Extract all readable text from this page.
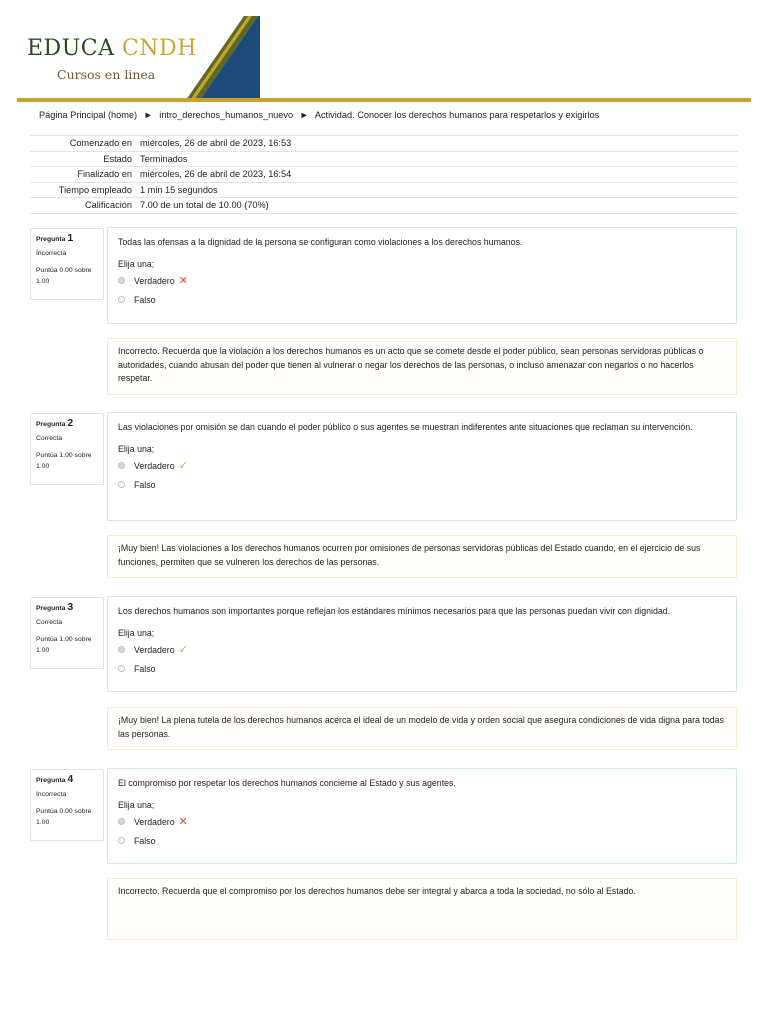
EDUCA CNDH
Cursos en linea
Página Principal (home) ► intro_derechos_humanos_nuevo ► Actividad. Conocer los derechos humanos para respetarlos y exigirlos
Comenzado en	miércoles, 26 de abril de 2023, 16:53
Estado	Terminados
Finalizado en	miércoles, 26 de abril de 2023, 16:54
Tiempo empleado	1 min 15 segundos
Calificación	7.00 de un total de 10.00 (70%)
Pregunta 1
Incorrecta
Puntúa 0.00 sobre 1.00
Todas las ofensas a la dignidad de la persona se configuran como violaciones a los derechos humanos.
Elija una;
Verdadero ✕
Falso
Incorrecto. Recuerda que la violación a los derechos humanos es un acto que se comete desde el poder público, sean personas servidoras públicas o autoridades, cuando abusan del poder que tienen al vulnerar o negar los derechos de las personas, o incluso amenazar con negarlos o no hacerlos respetar.
Pregunta 2
Correcta
Puntúa 1.00 sobre 1.00
Las violaciones por omisión se dan cuando el poder público o sus agentes se muestran indiferentes ante situaciones que reclaman su intervención.
Elija una;
Verdadero ✓
Falso
¡Muy bien! Las violaciones a los derechos humanos ocurren por omisiones de personas servidoras públicas del Estado cuando, en el ejercicio de sus funciones, permiten que se vulneren los derechos de las personas.
Pregunta 3
Correcta
Puntúa 1.00 sobre 1.00
Los derechos humanos son importantes porque reflejan los estándares mínimos necesarios para que las personas puedan vivir con dignidad.
Elija una;
Verdadero ✓
Falso
¡Muy bien! La plena tutela de los derechos humanos acerca el ideal de un modelo de vida y orden social que asegura condiciones de vida digna para todas las personas.
Pregunta 4
Incorrecta
Puntúa 0.00 sobre 1.00
El compromiso por respetar los derechos humanos concierne al Estado y sus agentes.
Elija una;
Verdadero ✕
Falso
Incorrecto. Recuerda que el compromiso por los derechos humanos debe ser integral y abarca a toda la sociedad, no sólo al Estado.
